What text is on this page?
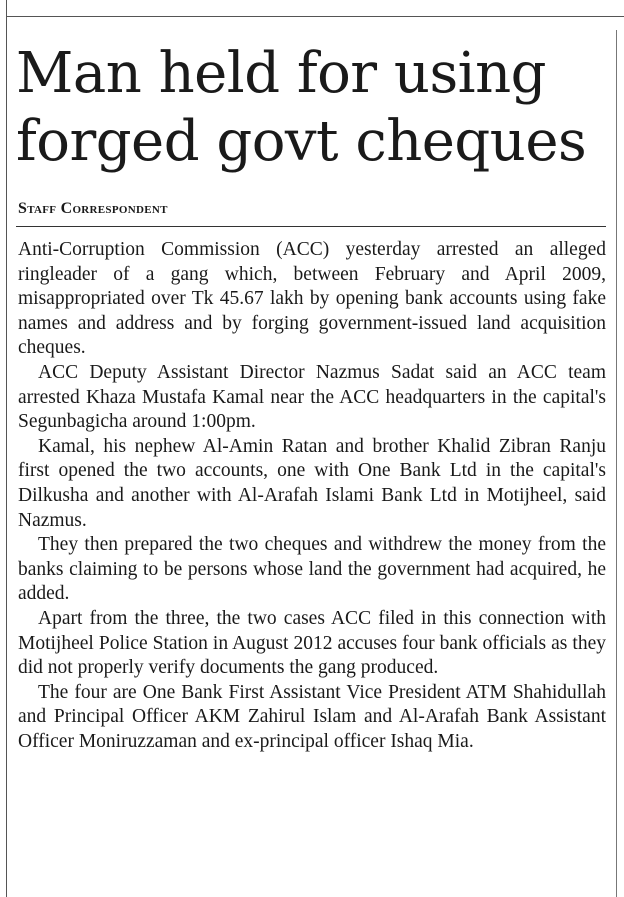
Man held for using forged govt cheques
Staff Correspondent

Anti-Corruption Commission (ACC) yesterday arrested an alleged ringleader of a gang which, between February and April 2009, misappropriated over Tk 45.67 lakh by opening bank accounts using fake names and address and by forging government-issued land acquisition cheques.

ACC Deputy Assistant Director Nazmus Sadat said an ACC team arrested Khaza Mustafa Kamal near the ACC headquarters in the capital's Segunbagicha around 1:00pm.

Kamal, his nephew Al-Amin Ratan and brother Khalid Zibran Ranju first opened the two accounts, one with One Bank Ltd in the capital's Dilkusha and another with Al-Arafah Islami Bank Ltd in Motijheel, said Nazmus.

They then prepared the two cheques and withdrew the money from the banks claiming to be persons whose land the government had acquired, he added.

Apart from the three, the two cases ACC filed in this connection with Motijheel Police Station in August 2012 accuses four bank officials as they did not properly verify documents the gang produced.

The four are One Bank First Assistant Vice President ATM Shahidullah and Principal Officer AKM Zahirul Islam and Al-Arafah Bank Assistant Officer Moniruzzaman and ex-principal officer Ishaq Mia.
